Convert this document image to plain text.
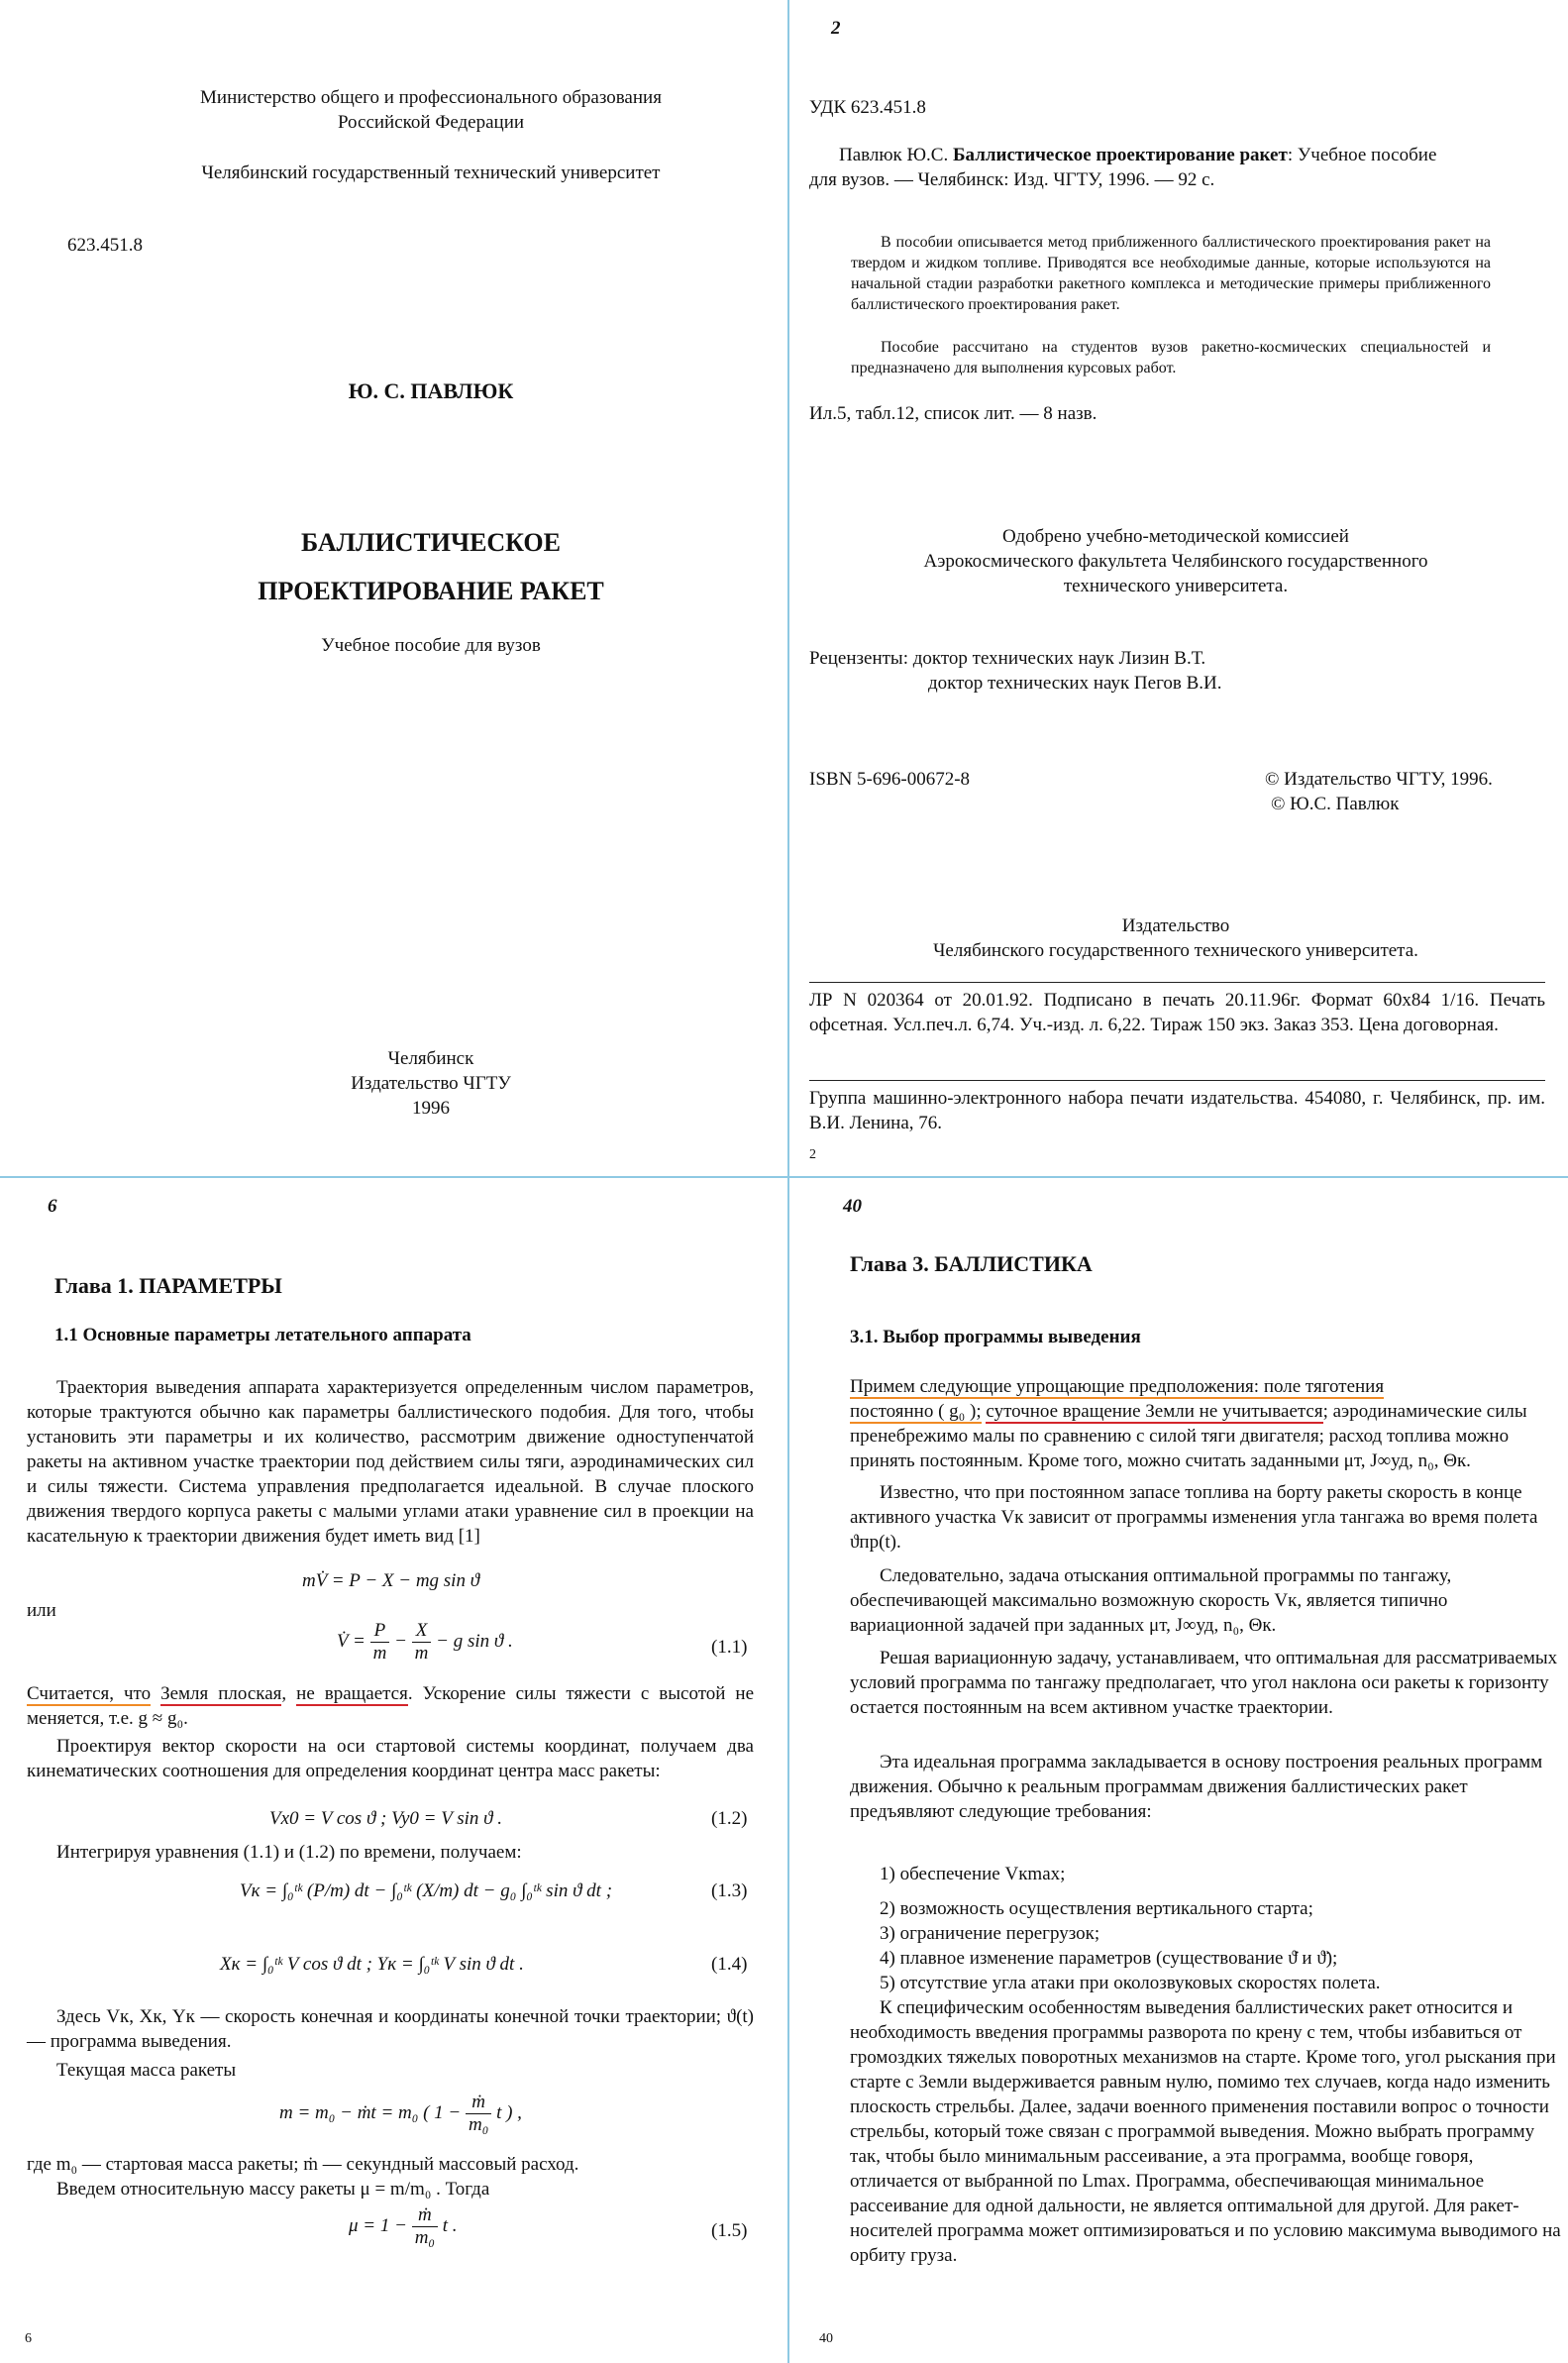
Министерство общего и профессионального образования
Российской Федерации
Челябинский государственный технический университет
623.451.8
Ю. С. ПАВЛЮК
БАЛЛИСТИЧЕСКОЕ
ПРОЕКТИРОВАНИЕ РАКЕТ
Учебное пособие для вузов
Челябинск
Издательство ЧГТУ
1996
2
УДК 623.451.8
Павлюк Ю.С. Баллистическое проектирование ракет: Учебное пособие
для вузов. — Челябинск: Изд. ЧГТУ, 1996. — 92 с.
В пособии описывается метод приближенного баллистического проектирования ракет на твердом и жидком топливе. Приводятся все необходимые данные, которые используются на начальной стадии разработки ракетного комплекса и методические примеры приближенного баллистического проектирования ракет.
Пособие рассчитано на студентов вузов ракетно-космических специальностей и предназначено для выполнения курсовых работ.
Ил.5, табл.12, список лит. — 8 назв.
Одобрено учебно-методической комиссией
Аэрокосмического факультета Челябинского государственного
технического университета.
Рецензенты: доктор технических наук Лизин В.Т.
доктор технических наук Пегов В.И.
ISBN 5-696-00672-8	© Издательство ЧГТУ, 1996.
© Ю.С. Павлюк
Издательство
Челябинского государственного технического университета.
ЛР N 020364 от 20.01.92. Подписано в печать 20.11.96г. Формат 60x84 1/16. Печать офсетная. Усл.печ.л. 6,74. Уч.-изд. л. 6,22. Тираж 150 экз. Заказ 353. Цена договорная.
Группа машинно-электронного набора печати издательства. 454080, г. Челябинск, пр. им. В.И. Ленина, 76.
2
6
Глава 1. ПАРАМЕТРЫ
1.1 Основные параметры летательного аппарата
Траектория выведения аппарата характеризуется определенным числом параметров, которые трактуются обычно как параметры баллистического подобия. Для того, чтобы установить эти параметры и их количество, рассмотрим движение одноступенчатой ракеты на активном участке траектории под действием силы тяги, аэродинамических сил и силы тяжести. Система управления предполагается идеальной. В случае плоского движения твердого корпуса ракеты с малыми углами атаки уравнение сил в проекции на касательную к траектории движения будет иметь вид [1]
mV̇ = P − X − mg sin ϑ
или
V̇ = $\frac{P}{m} - \frac{X}{m} - g$ sin ϑ .	(1.1)
Считается, что Земля плоская, не вращается. Ускорение силы тяжести с высотой не меняется, т.е. g ≈ g₀.
Проектируя вектор скорости на оси стартовой системы координат, получаем два кинематических соотношения для определения координат центра масс ракеты:
Vx0 = V cos ϑ ; Vy0 = V sin ϑ .	(1.2)
Интегрируя уравнения (1.1) и (1.2) по времени, получаем:
Vк = ∫₀ᵗᵏ (P/m) dt − ∫₀ᵗᵏ (X/m) dt − g₀ ∫₀ᵗᵏ sin ϑ dt ;	(1.3)
Xк = ∫₀ᵗᵏ V cos ϑ dt ; Yк = ∫₀ᵗᵏ V sin ϑ dt .	(1.4)
Здесь Vк, Xк, Yк — скорость конечная и координаты конечной точки траектории; ϑ(t) — программа выведения.
Текущая масса ракеты
m = m₀ − ṁt = m₀ ( $1 - \frac{\text{ṁ}}{\text{m₀}}$ t ) ,
где m₀ — стартовая масса ракеты; ṁ — секундный массовый расход.
Введем относительную массу ракеты μ = m/m₀ . Тогда
$\mu = 1 - \frac{\text{ṁ}}{\text{m₀}}$ t .	(1.5)
6
40
Глава 3. БАЛЛИСТИКА
3.1. Выбор программы выведения
Примем следующие упрощающие предположения: поле тяготения
постоянно ( g₀ ); суточное вращение Земли не учитывается; аэродинамические силы пренебрежимо малы по сравнению с силой тяги двигателя; расход топлива можно принять постоянным. Кроме того, можно считать заданными μт, J∞уд, n₀, Θк.
Известно, что при постоянном запасе топлива на борту ракеты скорость в конце активного участка Vк зависит от программы изменения угла тангажа во время полета ϑпр(t).
Следовательно, задача отыскания оптимальной программы по тангажу, обеспечивающей максимально возможную скорость Vк, является типично вариационной задачей при заданных μт, J∞уд, n₀, Θк.
Решая вариационную задачу, устанавливаем, что оптимальная для рассматриваемых условий программа по тангажу предполагает, что угол наклона оси ракеты к горизонту остается постоянным на всем активном участке траектории.
Эта идеальная программа закладывается в основу построения реальных программ движения. Обычно к реальным программам движения баллистических ракет предъявляют следующие требования:
1) обеспечение Vкmax;
2) возможность осуществления вертикального старта;
3) ограничение перегрузок;
4) плавное изменение параметров (существование ϑ̇ и ϑ̈);
5) отсутствие угла атаки при околозвуковых скоростях полета.
К специфическим особенностям выведения баллистических ракет относится и необходимость введения программы разворота по крену с тем, чтобы избавиться от громоздких тяжелых поворотных механизмов на старте. Кроме того, угол рыскания при старте с Земли выдерживается равным нулю, помимо тех случаев, когда надо изменить плоскость стрельбы. Далее, задачи военного применения поставили вопрос о точности стрельбы, который тоже связан с программой выведения. Можно выбрать программу так, чтобы было минимальным рассеивание, а эта программа, вообще говоря, отличается от выбранной по Lmax. Программа, обеспечивающая минимальное рассеивание для одной дальности, не является оптимальной для другой. Для ракет-носителей программа может оптимизироваться и по условию максимума выводимого на орбиту груза.
40
